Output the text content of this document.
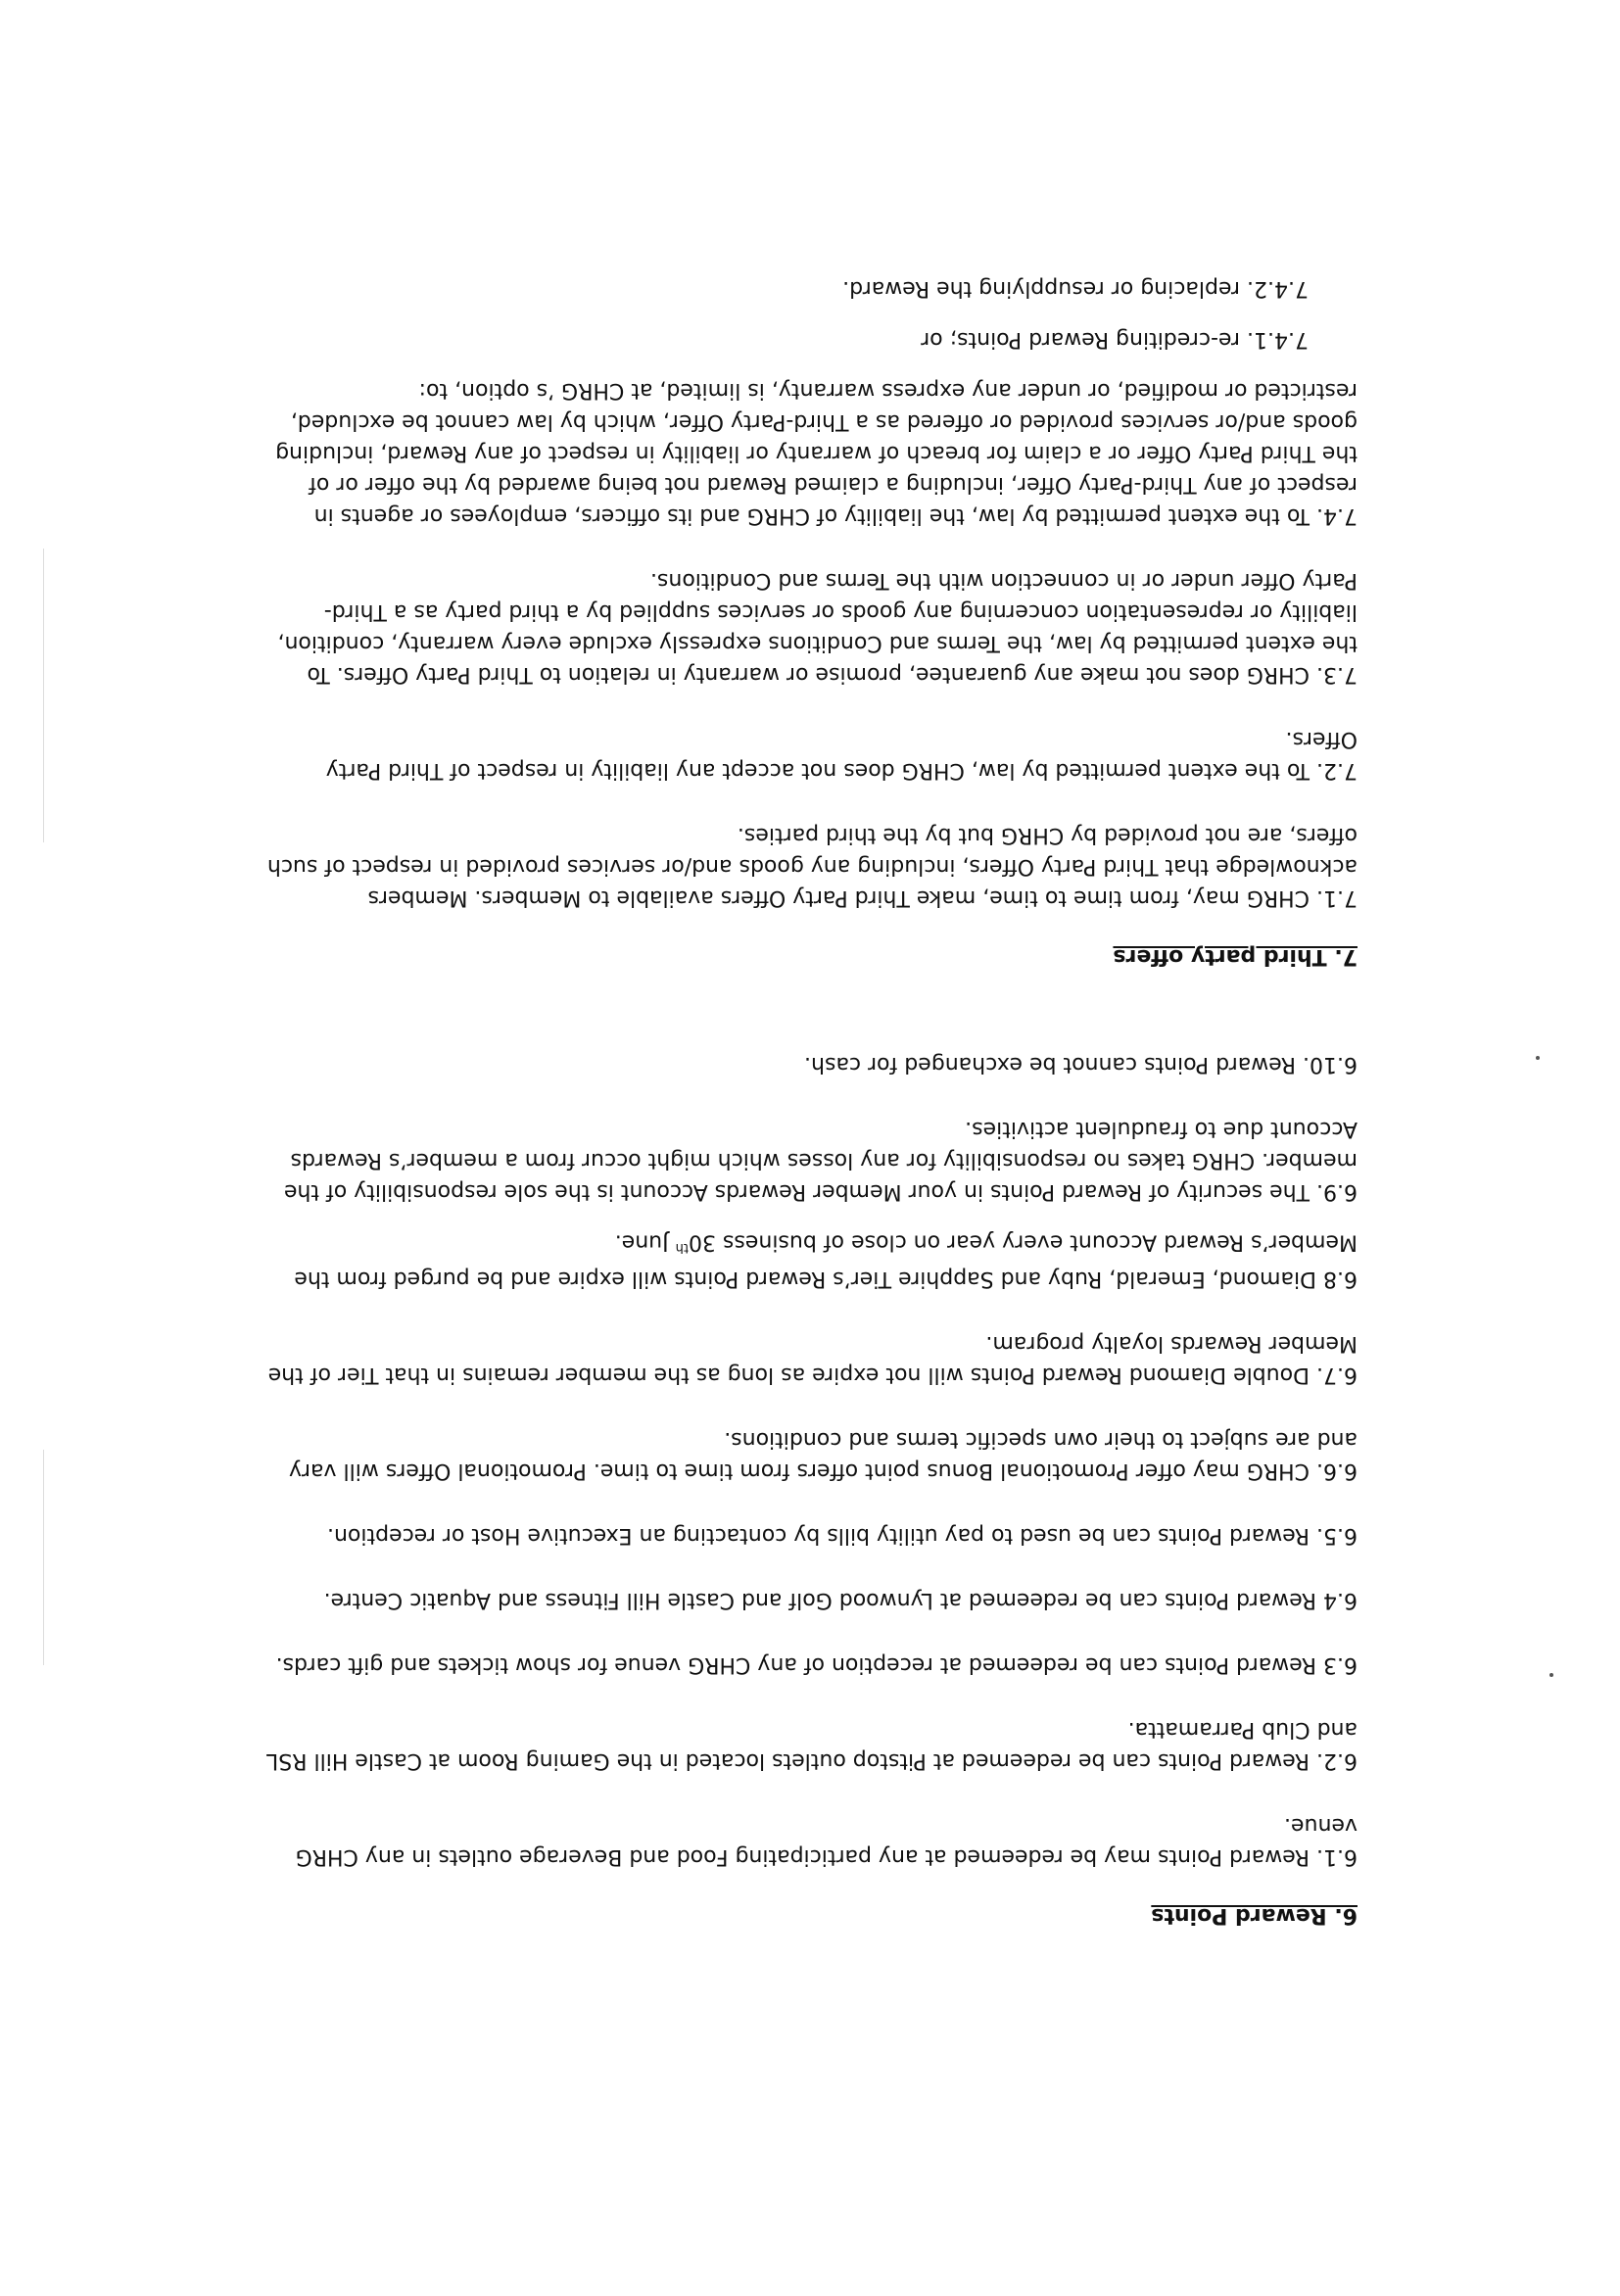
6. Reward Points

6.1. Reward Points may be redeemed at any participating Food and Beverage outlets in any CHRG
venue.
6.2. Reward Points can be redeemed at Pitstop outlets located in the Gaming Room at Castle Hill RSL
and Club Parramatta.
6.3 Reward Points can be redeemed at reception of any CHRG venue for show tickets and gift cards.
6.4 Reward Points can be redeemed at Lynwood Golf and Castle Hill Fitness and Aquatic Centre.
6.5. Reward Points can be used to pay utility bills by contacting an Executive Host or reception.
6.6. CHRG may offer Promotional Bonus point offers from time to time. Promotional Offers will vary
and are subject to their own specific terms and conditions.
6.7. Double Diamond Reward Points will not expire as long as the member remains in that Tier of the
Member Rewards loyalty program.
6.8 Diamond, Emerald, Ruby and Sapphire Tier’s Reward Points will expire and be purged from the
Member’s Reward Account every year on close of business 30th June.
6.9. The security of Reward Points in your Member Rewards Account is the sole responsibility of the
member. CHRG takes no responsibility for any losses which might occur from a member’s Rewards
Account due to fraudulent activities.
6.10. Reward Points cannot be exchanged for cash.

7. Third party offers

7.1. CHRG may, from time to time, make Third Party Offers available to Members. Members
acknowledge that Third Party Offers, including any goods and/or services provided in respect of such
offers, are not provided by CHRG but by the third parties.
7.2. To the extent permitted by law, CHRG does not accept any liability in respect of Third Party
Offers.
7.3. CHRG does not make any guarantee, promise or warranty in relation to Third Party Offers. To
the extent permitted by law, the Terms and Conditions expressly exclude every warranty, condition,
liability or representation concerning any goods or services supplied by a third party as a Third-
Party Offer under or in connection with the Terms and Conditions.
7.4. To the extent permitted by law, the liability of CHRG and its officers, employees or agents in
respect of any Third-Party Offer, including a claimed Reward not being awarded by the offer or of
the Third Party Offer or a claim for breach of warranty or liability in respect of any Reward, including
goods and/or services provided or offered as a Third-Party Offer, which by law cannot be excluded,
restricted or modified, or under any express warranty, is limited, at CHRG ’s option, to:
7.4.1. re-crediting Reward Points; or
7.4.2. replacing or resupplying the Reward.
